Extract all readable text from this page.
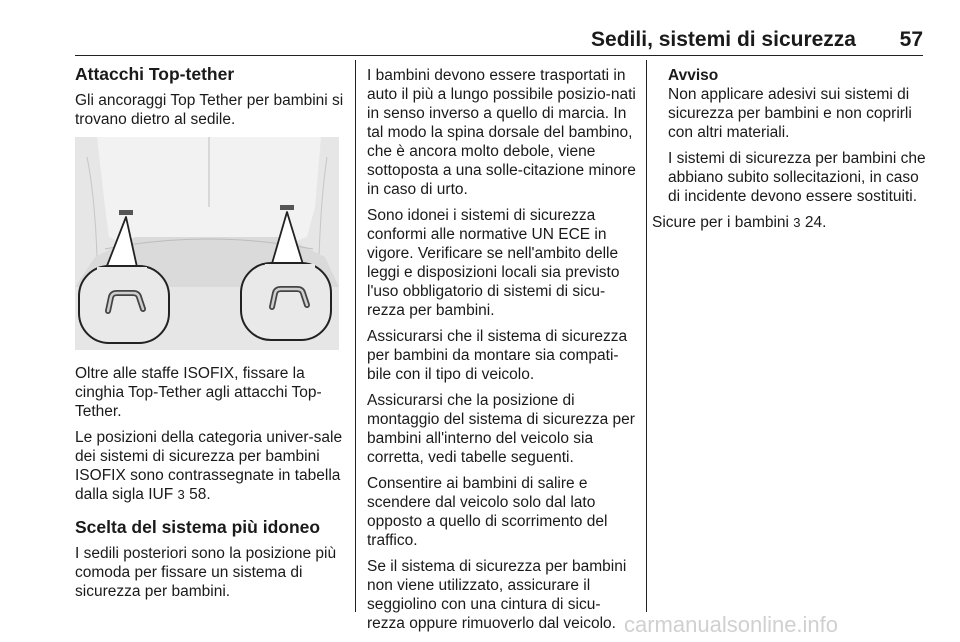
Sedili, sistemi di sicurezza 57
Attacchi Top-tether

Gli ancoraggi Top Tether per bambini si trovano dietro al sedile.

Oltre alle staffe ISOFIX, fissare la cinghia Top-Tether agli attacchi Top-Tether.

Le posizioni della categoria univer-sale dei sistemi di sicurezza per bambini ISOFIX sono contrassegnate in tabella dalla sigla IUF 3 58.

Scelta del sistema più idoneo

I sedili posteriori sono la posizione più comoda per fissare un sistema di sicurezza per bambini.

I bambini devono essere trasportati in auto il più a lungo possibile posizio-nati in senso inverso a quello di marcia. In tal modo la spina dorsale del bambino, che è ancora molto debole, viene sottoposta a una solle-citazione minore in caso di urto.

Sono idonei i sistemi di sicurezza conformi alle normative UN ECE in vigore. Verificare se nell'ambito delle leggi e disposizioni locali sia previsto l'uso obbligatorio di sistemi di sicu-rezza per bambini.

Assicurarsi che il sistema di sicurezza per bambini da montare sia compati-bile con il tipo di veicolo.

Assicurarsi che la posizione di montaggio del sistema di sicurezza per bambini all'interno del veicolo sia corretta, vedi tabelle seguenti.

Consentire ai bambini di salire e scendere dal veicolo solo dal lato opposto a quello di scorrimento del traffico.

Se il sistema di sicurezza per bambini non viene utilizzato, assicurare il seggiolino con una cintura di sicu-rezza oppure rimuoverlo dal veicolo.

Avviso

Non applicare adesivi sui sistemi di sicurezza per bambini e non coprirli con altri materiali.

I sistemi di sicurezza per bambini che abbiano subito sollecitazioni, in caso di incidente devono essere sostituiti.

Sicure per i bambini 3 24.

carmanualsonline.info
